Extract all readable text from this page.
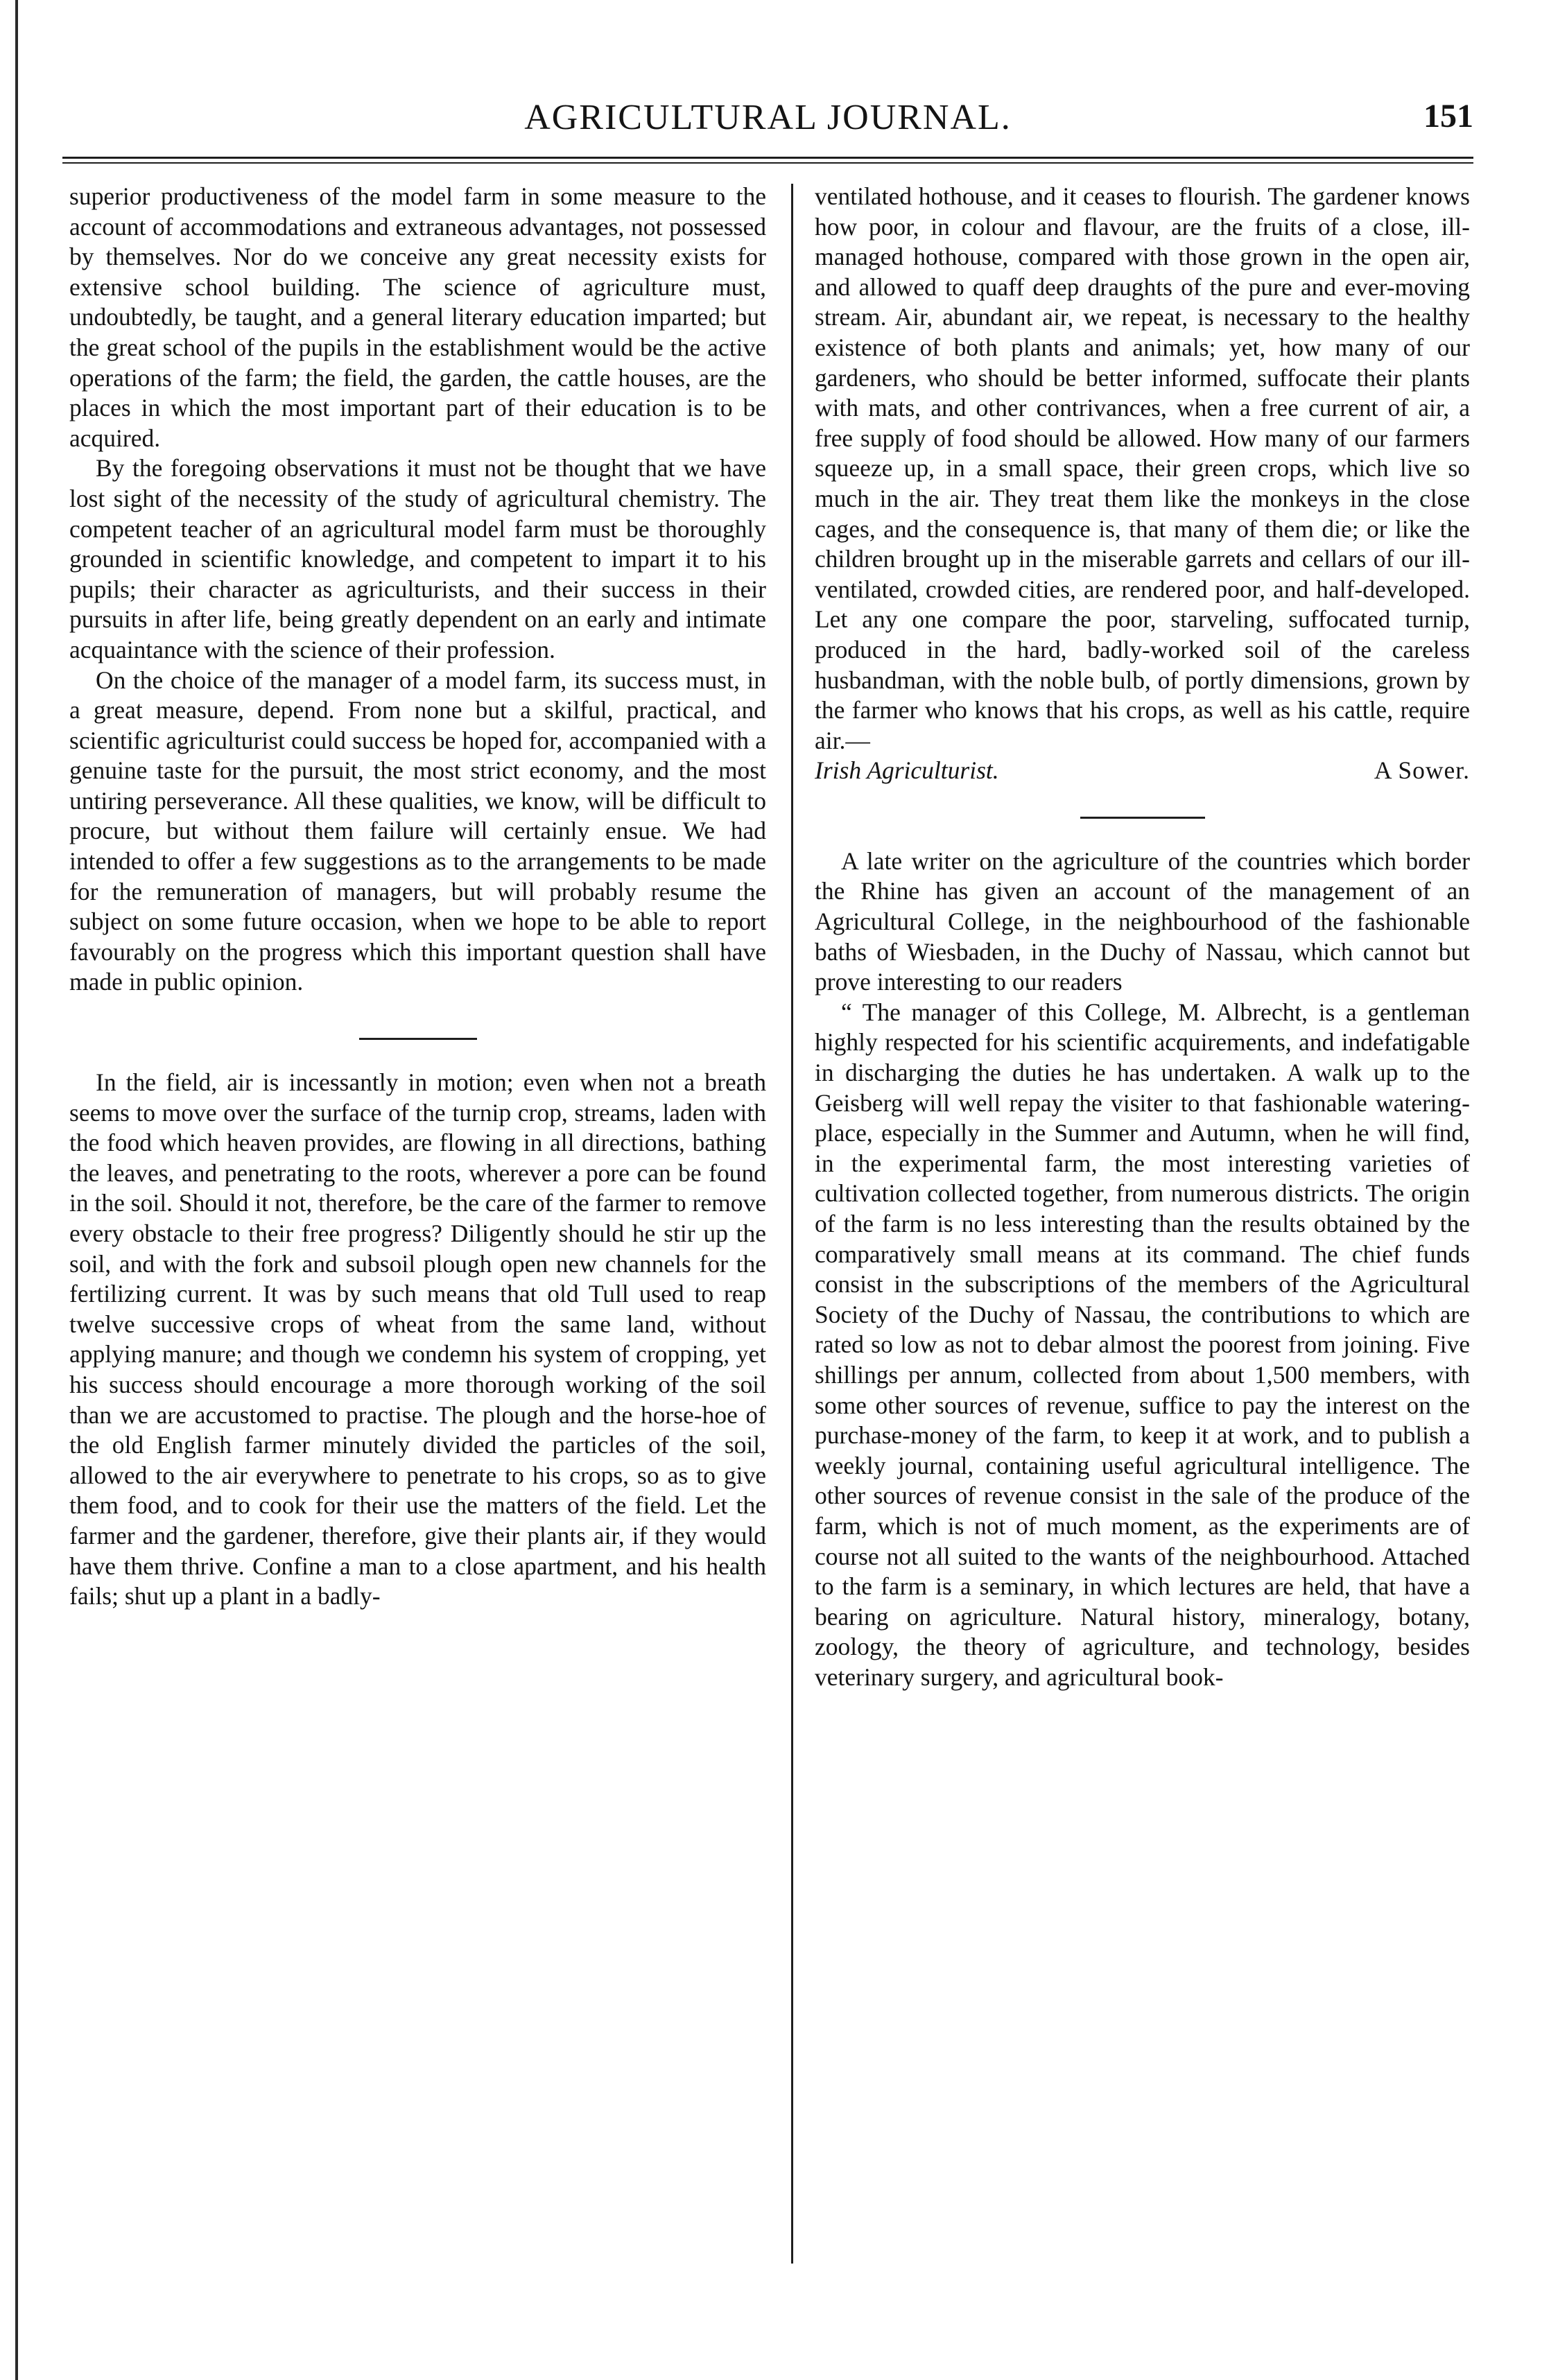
AGRICULTURAL JOURNAL.	151

superior productiveness of the model farm in some measure to the account of accommodations and extraneous advantages, not possessed by themselves. Nor do we conceive any great necessity exists for extensive school building. The science of agriculture must, undoubtedly, be taught, and a general literary education imparted; but the great school of the pupils in the establishment would be the active operations of the farm; the field, the garden, the cattle houses, are the places in which the most important part of their education is to be acquired.

By the foregoing observations it must not be thought that we have lost sight of the necessity of the study of agricultural chemistry. The competent teacher of an agricultural model farm must be thoroughly grounded in scientific knowledge, and competent to impart it to his pupils; their character as agriculturists, and their success in their pursuits in after life, being greatly dependent on an early and intimate acquaintance with the science of their profession.

On the choice of the manager of a model farm, its success must, in a great measure, depend. From none but a skilful, practical, and scientific agriculturist could success be hoped for, accompanied with a genuine taste for the pursuit, the most strict economy, and the most untiring perseverance. All these qualities, we know, will be difficult to procure, but without them failure will certainly ensue. We had intended to offer a few suggestions as to the arrangements to be made for the remuneration of managers, but will probably resume the subject on some future occasion, when we hope to be able to report favourably on the progress which this important question shall have made in public opinion.

In the field, air is incessantly in motion; even when not a breath seems to move over the surface of the turnip crop, streams, laden with the food which heaven provides, are flowing in all directions, bathing the leaves, and penetrating to the roots, wherever a pore can be found in the soil. Should it not, therefore, be the care of the farmer to remove every obstacle to their free progress? Diligently should he stir up the soil, and with the fork and subsoil plough open new channels for the fertilizing current. It was by such means that old Tull used to reap twelve successive crops of wheat from the same land, without applying manure; and though we condemn his system of cropping, yet his success should encourage a more thorough working of the soil than we are accustomed to practise. The plough and the horse-hoe of the old English farmer minutely divided the particles of the soil, allowed to the air everywhere to penetrate to his crops, so as to give them food, and to cook for their use the matters of the field. Let the farmer and the gardener, therefore, give their plants air, if they would have them thrive. Confine a man to a close apartment, and his health fails; shut up a plant in a badly-

ventilated hothouse, and it ceases to flourish. The gardener knows how poor, in colour and flavour, are the fruits of a close, ill-managed hothouse, compared with those grown in the open air, and allowed to quaff deep draughts of the pure and ever-moving stream. Air, abundant air, we repeat, is necessary to the healthy existence of both plants and animals; yet, how many of our gardeners, who should be better informed, suffocate their plants with mats, and other contrivances, when a free current of air, a free supply of food should be allowed. How many of our farmers squeeze up, in a small space, their green crops, which live so much in the air. They treat them like the monkeys in the close cages, and the consequence is, that many of them die; or like the children brought up in the miserable garrets and cellars of our ill-ventilated, crowded cities, are rendered poor, and half-developed. Let any one compare the poor, starveling, suffocated turnip, produced in the hard, badly-worked soil of the careless husbandman, with the noble bulb, of portly dimensions, grown by the farmer who knows that his crops, as well as his cattle, require air.—

Irish Agriculturist.	A Sower.

A late writer on the agriculture of the countries which border the Rhine has given an account of the management of an Agricultural College, in the neighbourhood of the fashionable baths of Wiesbaden, in the Duchy of Nassau, which cannot but prove interesting to our readers

“ The manager of this College, M. Albrecht, is a gentleman highly respected for his scientific acquirements, and indefatigable in discharging the duties he has undertaken. A walk up to the Geisberg will well repay the visiter to that fashionable watering-place, especially in the Summer and Autumn, when he will find, in the experimental farm, the most interesting varieties of cultivation collected together, from numerous districts. The origin of the farm is no less interesting than the results obtained by the comparatively small means at its command. The chief funds consist in the subscriptions of the members of the Agricultural Society of the Duchy of Nassau, the contributions to which are rated so low as not to debar almost the poorest from joining. Five shillings per annum, collected from about 1,500 members, with some other sources of revenue, suffice to pay the interest on the purchase-money of the farm, to keep it at work, and to publish a weekly journal, containing useful agricultural intelligence. The other sources of revenue consist in the sale of the produce of the farm, which is not of much moment, as the experiments are of course not all suited to the wants of the neighbourhood. Attached to the farm is a seminary, in which lectures are held, that have a bearing on agriculture. Natural history, mineralogy, botany, zoology, the theory of agriculture, and technology, besides veterinary surgery, and agricultural book-
